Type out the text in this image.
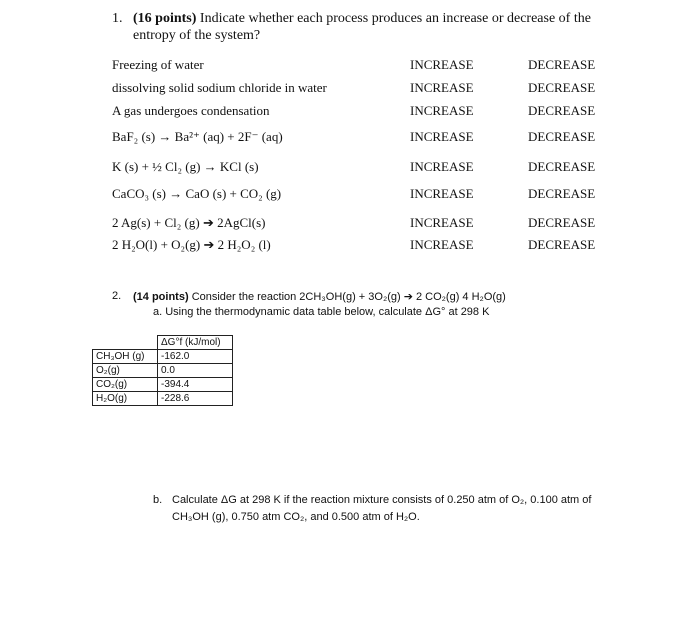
1. (16 points) Indicate whether each process produces an increase or decrease of the
entropy of the system?
Freezing of water	INCREASE	DECREASE
dissolving solid sodium chloride in water	INCREASE	DECREASE
A gas undergoes condensation	INCREASE	DECREASE
BaF₂ (s) → Ba²⁺ (aq) + 2F⁻ (aq)	INCREASE	DECREASE
K (s) + ½ Cl₂ (g) → KCl (s)	INCREASE	DECREASE
CaCO₃ (s) → CaO (s) + CO₂ (g)	INCREASE	DECREASE
2 Ag(s) + Cl₂ (g) ➔ 2AgCl(s)	INCREASE	DECREASE
2 H₂O(l) + O₂(g) ➔ 2 H₂O₂ (l)	INCREASE	DECREASE
2. (14 points) Consider the reaction 2CH₃OH(g) + 3O₂(g) ➔ 2 CO₂(g) 4 H₂O(g)
a. Using the thermodynamic data table below, calculate ΔG° at 298 K
	ΔG°f (kJ/mol)
CH₃OH (g)	-162.0
O₂(g)	0.0
CO₂(g)	-394.4
H₂O(g)	-228.6
b. Calculate ΔG at 298 K if the reaction mixture consists of 0.250 atm of O₂, 0.100 atm of
CH₃OH (g), 0.750 atm CO₂, and 0.500 atm of H₂O.
